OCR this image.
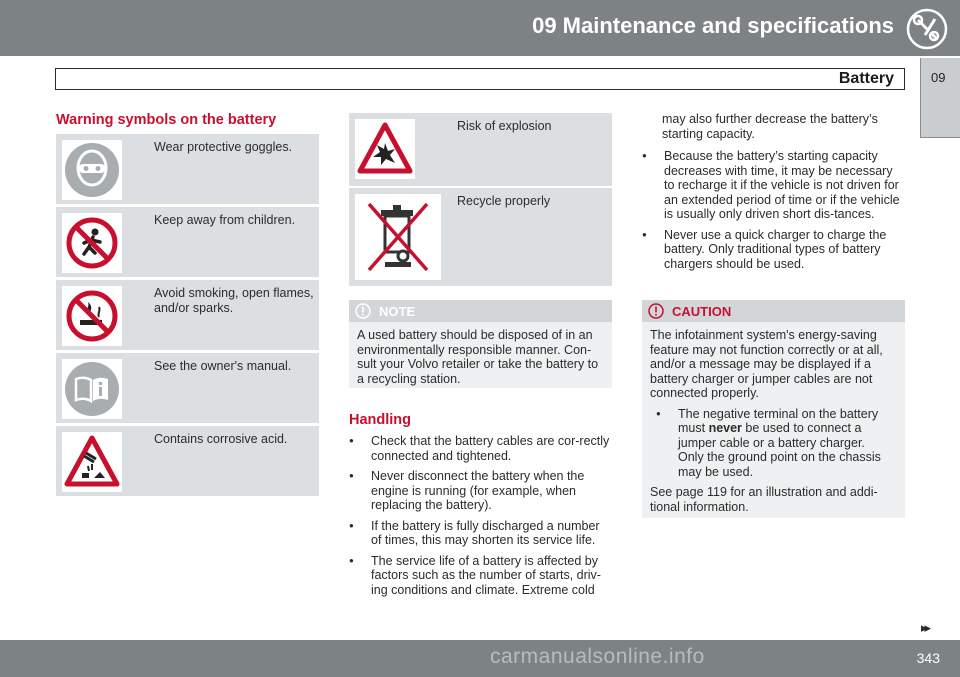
09 Maintenance and specifications
Battery	09
Warning symbols on the battery
Wear protective goggles.
Keep away from children.
Avoid smoking, open flames, and/or sparks.
See the owner's manual.
Contains corrosive acid.
Risk of explosion
Recycle properly
NOTE
A used battery should be disposed of in an environmentally responsible manner. Con-sult your Volvo retailer or take the battery to a recycling station.
Handling
● Check that the battery cables are cor-rectly connected and tightened.
● Never disconnect the battery when the engine is running (for example, when replacing the battery).
● If the battery is fully discharged a number of times, this may shorten its service life.
● The service life of a battery is affected by factors such as the number of starts, driv-ing conditions and climate. Extreme cold
may also further decrease the battery’s starting capacity.
● Because the battery’s starting capacity decreases with time, it may be necessary to recharge it if the vehicle is not driven for an extended period of time or if the vehicle is usually only driven short dis-tances.
● Never use a quick charger to charge the battery. Only traditional types of battery chargers should be used.
CAUTION
The infotainment system's energy-saving feature may not function correctly or at all, and/or a message may be displayed if a battery charger or jumper cables are not connected properly.
● The negative terminal on the battery must never be used to connect a jumper cable or a battery charger. Only the ground point on the chassis may be used.
See page 119 for an illustration and addi-tional information.
▸▸
carmanualsonline.info	343
